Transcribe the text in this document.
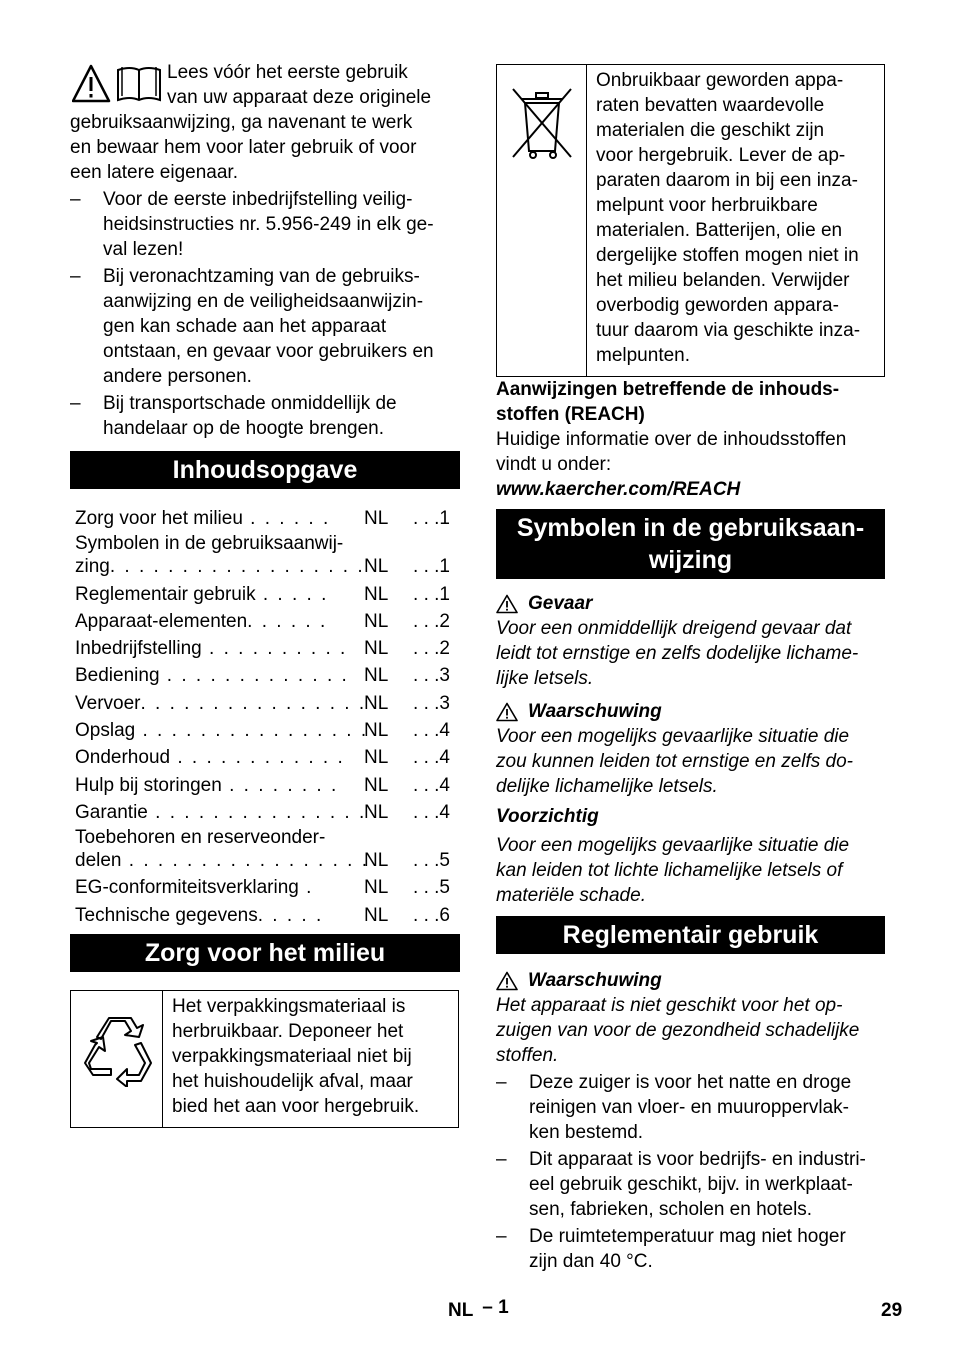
Lees vóór het eerste gebruik
van uw apparaat deze originele
gebruiksaanwijzing, ga navenant te werk
en bewaar hem voor later gebruik of voor
een latere eigenaar.
– Voor de eerste inbedrijfstelling veilig-
heidsinstructies nr. 5.956-249 in elk ge-
val lezen!
– Bij veronachtzaming van de gebruiks-
aanwijzing en de veiligheidsaanwijzin-
gen kan schade aan het apparaat
ontstaan, en gevaar voor gebruikers en
andere personen.
– Bij transportschade onmiddellijk de
handelaar op de hoogte brengen.
Inhoudsopgave
Zorg voor het milieu . . . . . . NL . . .1
Symbolen in de gebruiksaanwij-
zing. . . . . . . . . . . . . . . . . . NL . . .1
Reglementair gebruik . . . . . NL . . .1
Apparaat-elementen. . . . . . NL . . .2
Inbedrijfstelling . . . . . . . . . . NL . . .2
Bediening . . . . . . . . . . . . . NL . . .3
Vervoer. . . . . . . . . . . . . . . .
NL . . .3
Opslag . . . . . . . . . . . . . . . .
NL . . .4
Onderhoud . . . . . . . . . . . . NL . . .4
Hulp bij storingen . . . . . . . . NL . . .4
Garantie . . . . . . . . . . . . . . .
NL . . .4
Toebehoren en reserveonder-
delen . . . . . . . . . . . . . . . . .
NL . . .5
EG-conformiteitsverklaring .	NL . . .5
Technische gegevens. . . . . NL . . .6
Zorg voor het milieu
Het verpakkingsmateriaal is
herbruikbaar. Deponeer het
verpakkingsmateriaal niet bij
het huishoudelijk afval, maar
bied het aan voor hergebruik.
Onbruikbaar geworden appa-
raten bevatten waardevolle
materialen die geschikt zijn
voor hergebruik. Lever de ap-
paraten daarom in bij een inza-
melpunt voor herbruikbare
materialen. Batterijen, olie en
dergelijke stoffen mogen niet in
het milieu belanden. Verwijder
overbodig geworden appara-
tuur daarom via geschikte inza-
melpunten.
Aanwijzingen betreffende de inhouds-
stoffen (REACH)
Huidige informatie over de inhoudsstoffen
vindt u onder:
www.kaercher.com/REACH
Symbolen in de gebruiksaan-
wijzing
Gevaar
Voor een onmiddellijk dreigend gevaar dat
leidt tot ernstige en zelfs dodelijke lichame-
lijke letsels.
Waarschuwing
Voor een mogelijks gevaarlijke situatie die
zou kunnen leiden tot ernstige en zelfs do-
delijke lichamelijke letsels.
Voorzichtig
Voor een mogelijks gevaarlijke situatie die
kan leiden tot lichte lichamelijke letsels of
materiële schade.
Reglementair gebruik
Waarschuwing
Het apparaat is niet geschikt voor het op-
zuigen van voor de gezondheid schadelijke
stoffen.
– Deze zuiger is voor het natte en droge
reinigen van vloer- en muuroppervlak-
ken bestemd.
– Dit apparaat is voor bedrijfs- en industri-
eel gebruik geschikt, bijv. in werkplaat-
sen, fabrieken, scholen en hotels.
– De ruimtetemperatuur mag niet hoger
zijn dan 40 °C.
NL – 1	29
